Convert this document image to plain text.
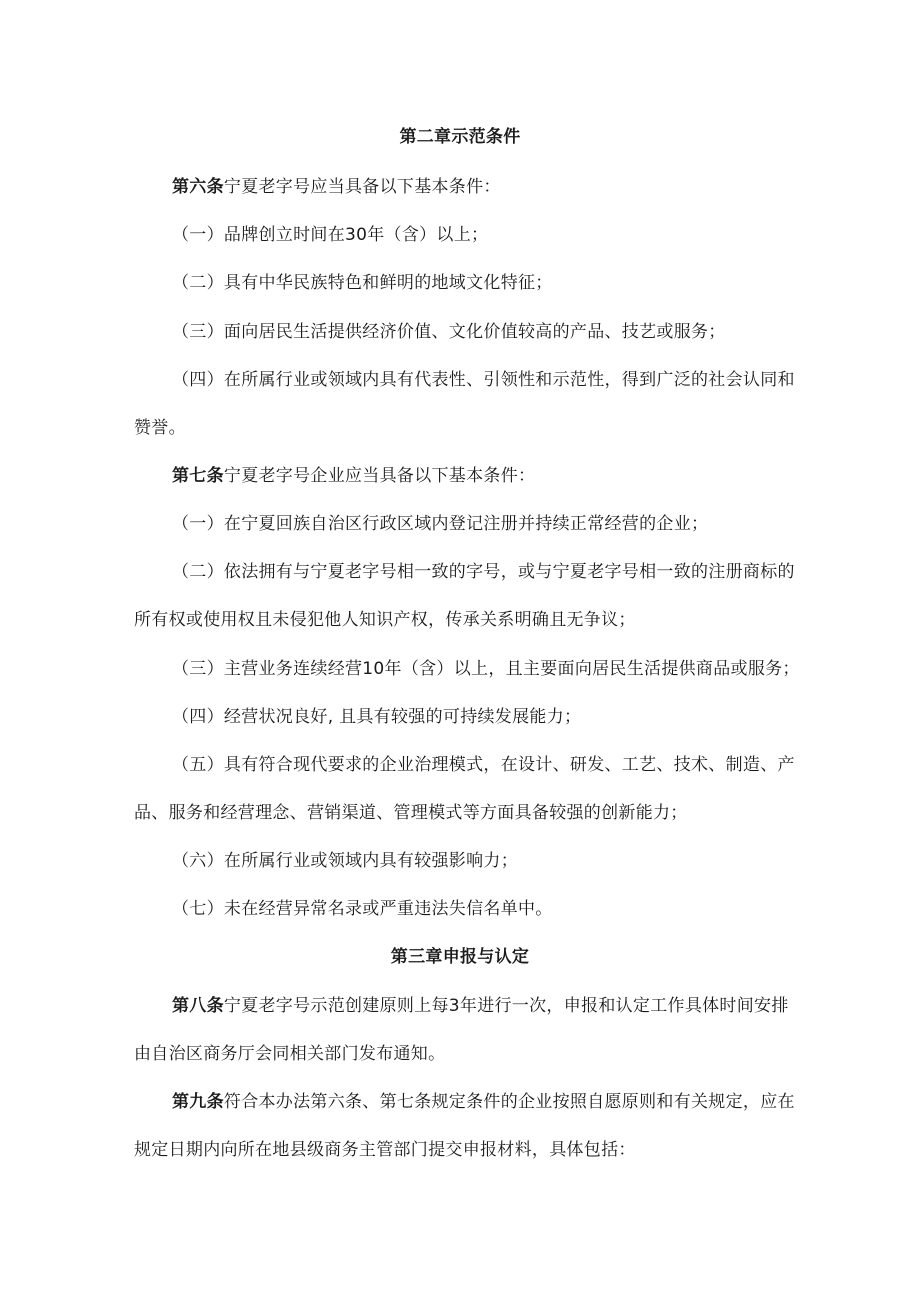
第二章示范条件
第六条宁夏老字号应当具备以下基本条件：
（一）品牌创立时间在30年（含）以上；
（二）具有中华民族特色和鲜明的地域文化特征；
（三）面向居民生活提供经济价值、文化价值较高的产品、技艺或服务；
（四）在所属行业或领域内具有代表性、引领性和示范性，得到广泛的社会认同和
赞誉。
第七条宁夏老字号企业应当具备以下基本条件：
（一）在宁夏回族自治区行政区域内登记注册并持续正常经营的企业；
（二）依法拥有与宁夏老字号相一致的字号，或与宁夏老字号相一致的注册商标的
所有权或使用权且未侵犯他人知识产权，传承关系明确且无争议；
（三）主营业务连续经营10年（含）以上，且主要面向居民生活提供商品或服务；
（四）经营状况良好, 且具有较强的可持续发展能力；
（五）具有符合现代要求的企业治理模式，在设计、研发、工艺、技术、制造、产
品、服务和经营理念、营销渠道、管理模式等方面具备较强的创新能力；
（六）在所属行业或领域内具有较强影响力；
（七）未在经营异常名录或严重违法失信名单中。
第三章申报与认定
第八条宁夏老字号示范创建原则上每3年进行一次，申报和认定工作具体时间安排
由自治区商务厅会同相关部门发布通知。
第九条符合本办法第六条、第七条规定条件的企业按照自愿原则和有关规定，应在
规定日期内向所在地县级商务主管部门提交申报材料，具体包括：
